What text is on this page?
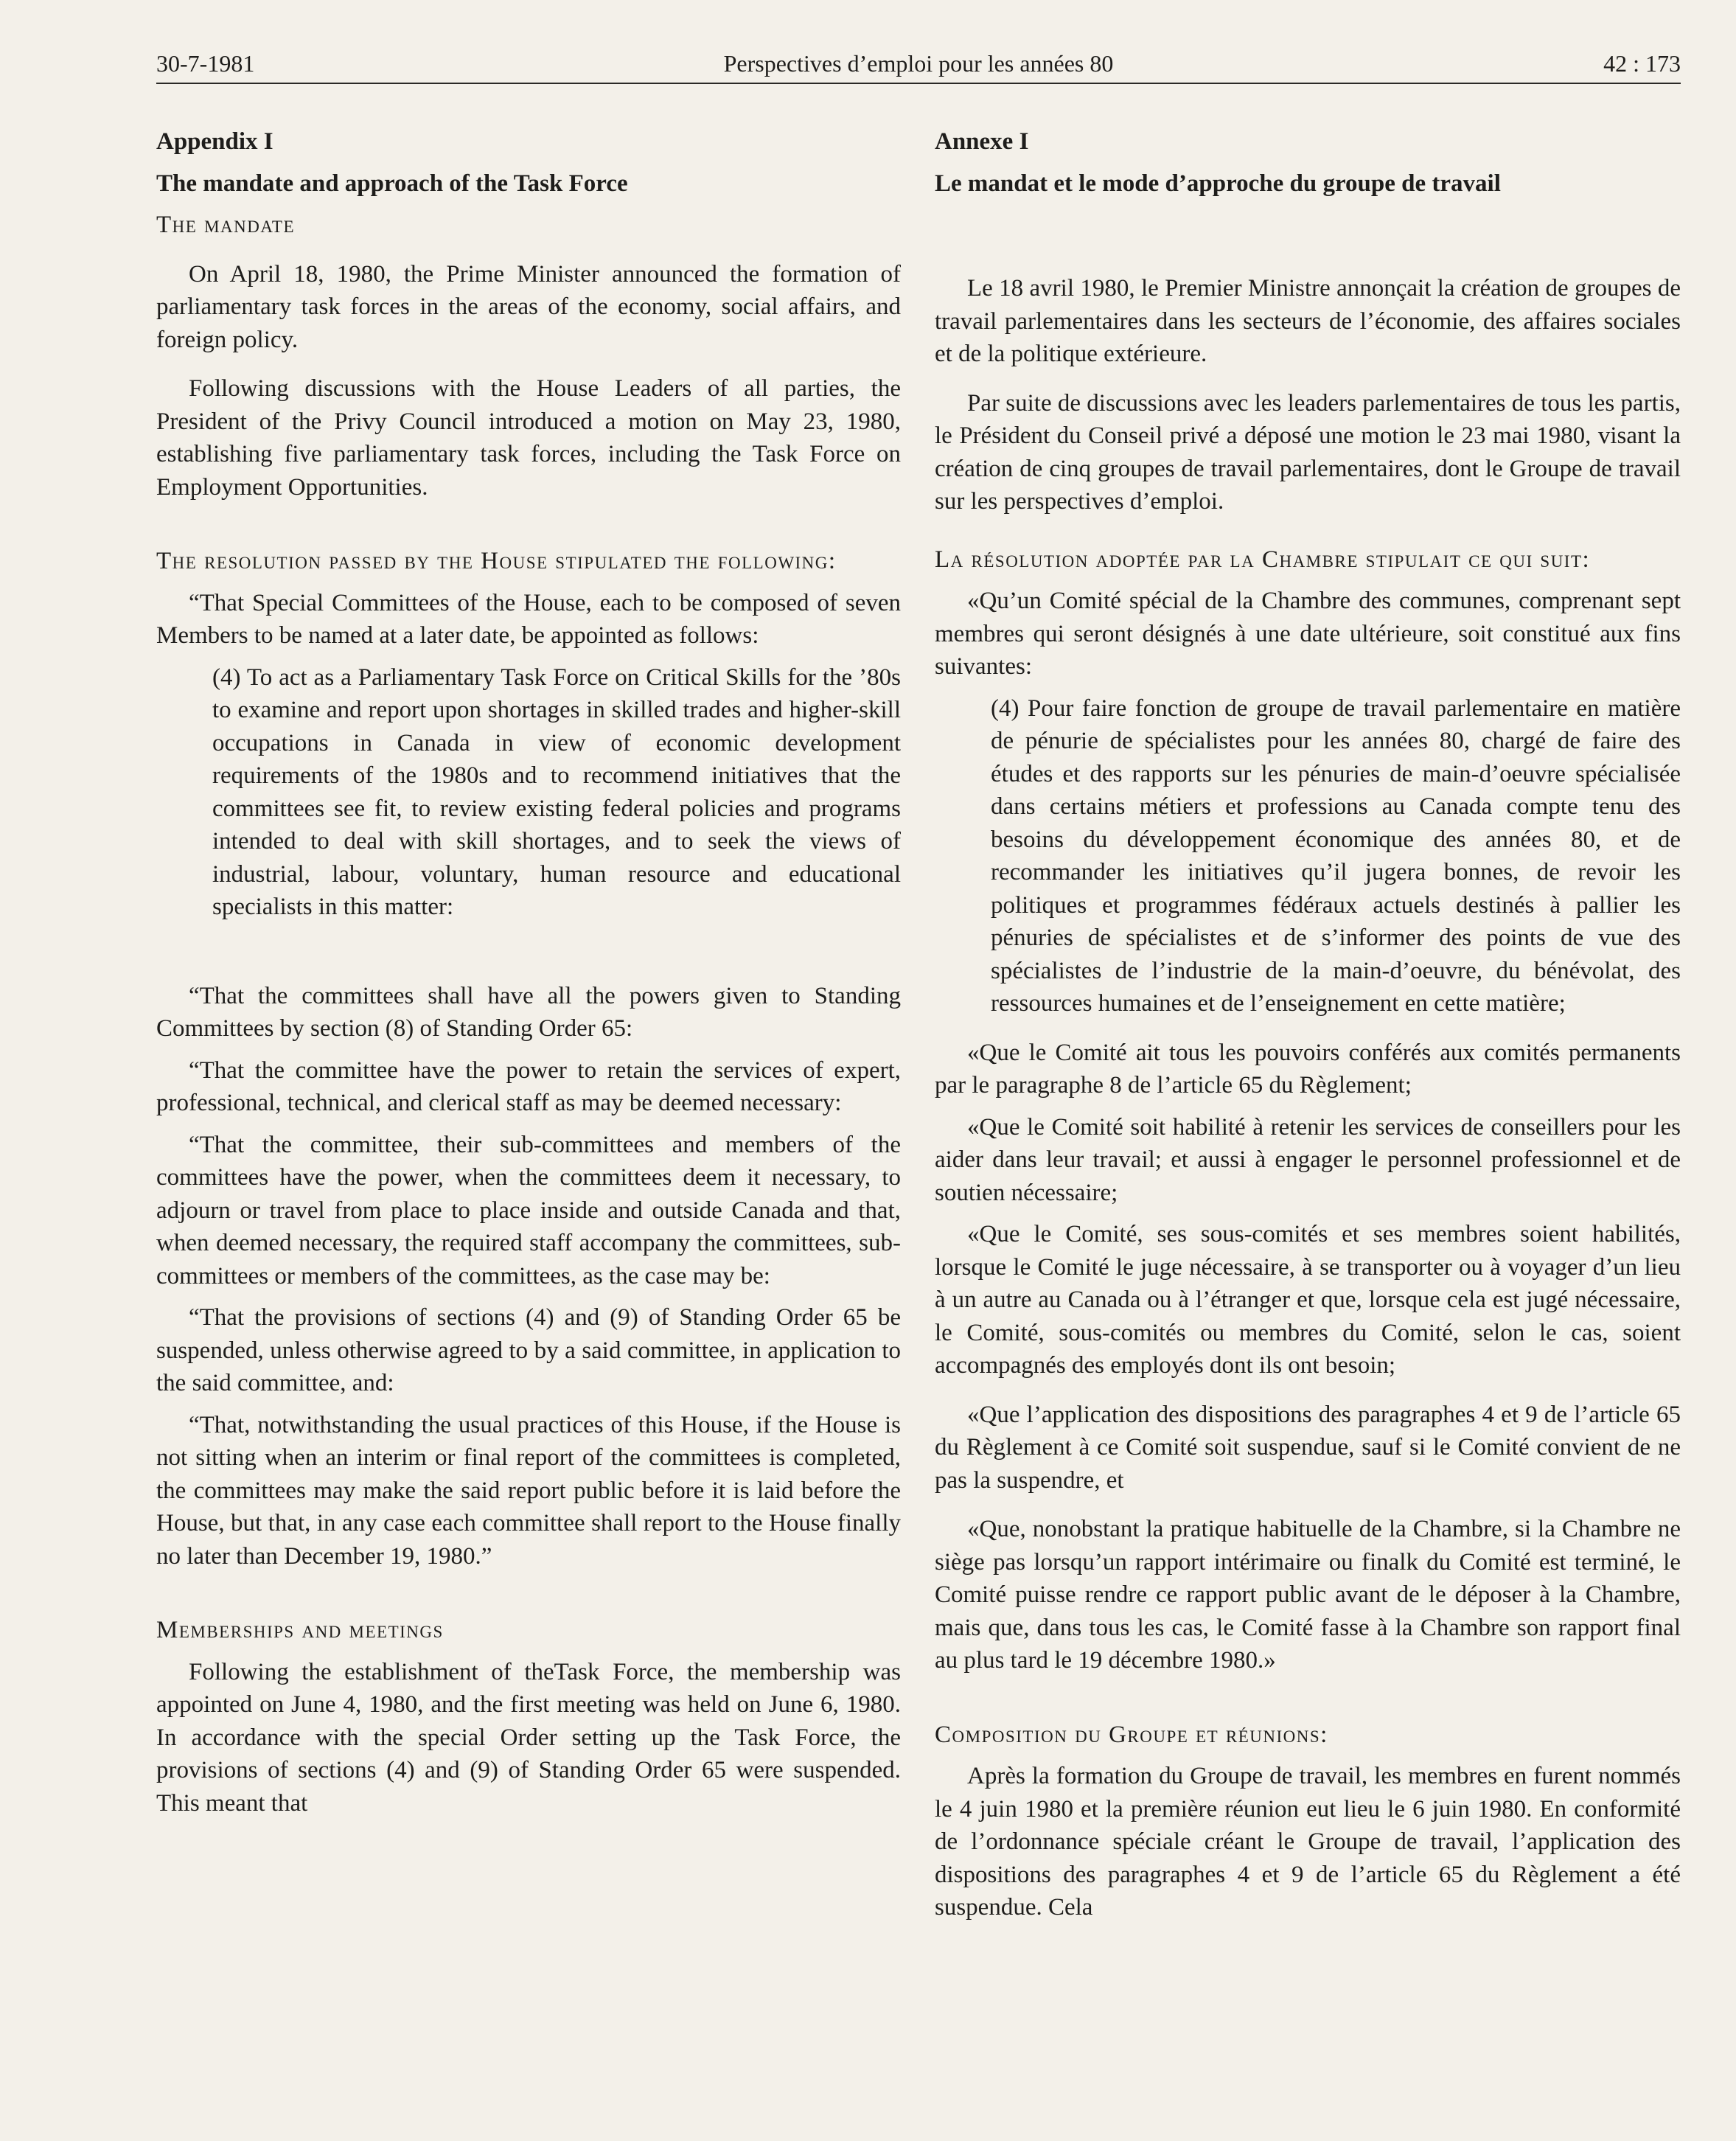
30-7-1981	Perspectives d’emploi pour les années 80	42 : 173

Appendix I

The mandate and approach of the Task Force

The mandate

On April 18, 1980, the Prime Minister announced the formation of parliamentary task forces in the areas of the economy, social affairs, and foreign policy.

Following discussions with the House Leaders of all parties, the President of the Privy Council introduced a motion on May 23, 1980, establishing five parliamentary task forces, including the Task Force on Employment Opportunities.

The resolution passed by the House stipulated the following:

“That Special Committees of the House, each to be composed of seven Members to be named at a later date, be appointed as follows:

(4) To act as a Parliamentary Task Force on Critical Skills for the ’80s to examine and report upon shortages in skilled trades and higher-skill occupations in Canada in view of economic development requirements of the 1980s and to recommend initiatives that the committees see fit, to review existing federal policies and programs intended to deal with skill shortages, and to seek the views of industrial, labour, voluntary, human resource and educational specialists in this matter:

“That the committees shall have all the powers given to Standing Committees by section (8) of Standing Order 65:

“That the committee have the power to retain the services of expert, professional, technical, and clerical staff as may be deemed necessary:

“That the committee, their sub-committees and members of the committees have the power, when the committees deem it necessary, to adjourn or travel from place to place inside and outside Canada and that, when deemed necessary, the required staff accompany the committees, sub-committees or members of the committees, as the case may be:

“That the provisions of sections (4) and (9) of Standing Order 65 be suspended, unless otherwise agreed to by a said committee, in application to the said committee, and:

“That, notwithstanding the usual practices of this House, if the House is not sitting when an interim or final report of the committees is completed, the committees may make the said report public before it is laid before the House, but that, in any case each committee shall report to the House finally no later than December 19, 1980.”

Memberships and meetings

Following the establishment of theTask Force, the membership was appointed on June 4, 1980, and the first meeting was held on June 6, 1980. In accordance with the special Order setting up the Task Force, the provisions of sections (4) and (9) of Standing Order 65 were suspended. This meant that

Annexe I

Le mandat et le mode d’approche du groupe de travail

Le 18 avril 1980, le Premier Ministre annonçait la création de groupes de travail parlementaires dans les secteurs de l’économie, des affaires sociales et de la politique extérieure.

Par suite de discussions avec les leaders parlementaires de tous les partis, le Président du Conseil privé a déposé une motion le 23 mai 1980, visant la création de cinq groupes de travail parlementaires, dont le Groupe de travail sur les perspectives d’emploi.

La résolution adoptée par la Chambre stipulait ce qui suit:

«Qu’un Comité spécial de la Chambre des communes, comprenant sept membres qui seront désignés à une date ultérieure, soit constitué aux fins suivantes:

(4) Pour faire fonction de groupe de travail parlementaire en matière de pénurie de spécialistes pour les années 80, chargé de faire des études et des rapports sur les pénuries de main-d’oeuvre spécialisée dans certains métiers et professions au Canada compte tenu des besoins du développement économique des années 80, et de recommander les initiatives qu’il jugera bonnes, de revoir les politiques et programmes fédéraux actuels destinés à pallier les pénuries de spécialistes et de s’informer des points de vue des spécialistes de l’industrie de la main-d’oeuvre, du bénévolat, des ressources humaines et de l’enseignement en cette matière;

«Que le Comité ait tous les pouvoirs conférés aux comités permanents par le paragraphe 8 de l’article 65 du Règlement;

«Que le Comité soit habilité à retenir les services de conseillers pour les aider dans leur travail; et aussi à engager le personnel professionnel et de soutien nécessaire;

«Que le Comité, ses sous-comités et ses membres soient habilités, lorsque le Comité le juge nécessaire, à se transporter ou à voyager d’un lieu à un autre au Canada ou à l’étranger et que, lorsque cela est jugé nécessaire, le Comité, sous-comités ou membres du Comité, selon le cas, soient accompagnés des employés dont ils ont besoin;

«Que l’application des dispositions des paragraphes 4 et 9 de l’article 65 du Règlement à ce Comité soit suspendue, sauf si le Comité convient de ne pas la suspendre, et

«Que, nonobstant la pratique habituelle de la Chambre, si la Chambre ne siège pas lorsqu’un rapport intérimaire ou finalk du Comité est terminé, le Comité puisse rendre ce rapport public avant de le déposer à la Chambre, mais que, dans tous les cas, le Comité fasse à la Chambre son rapport final au plus tard le 19 décembre 1980.»

Composition du Groupe et réunions:

Après la formation du Groupe de travail, les membres en furent nommés le 4 juin 1980 et la première réunion eut lieu le 6 juin 1980. En conformité de l’ordonnance spéciale créant le Groupe de travail, l’application des dispositions des paragraphes 4 et 9 de l’article 65 du Règlement a été suspendue. Cela
